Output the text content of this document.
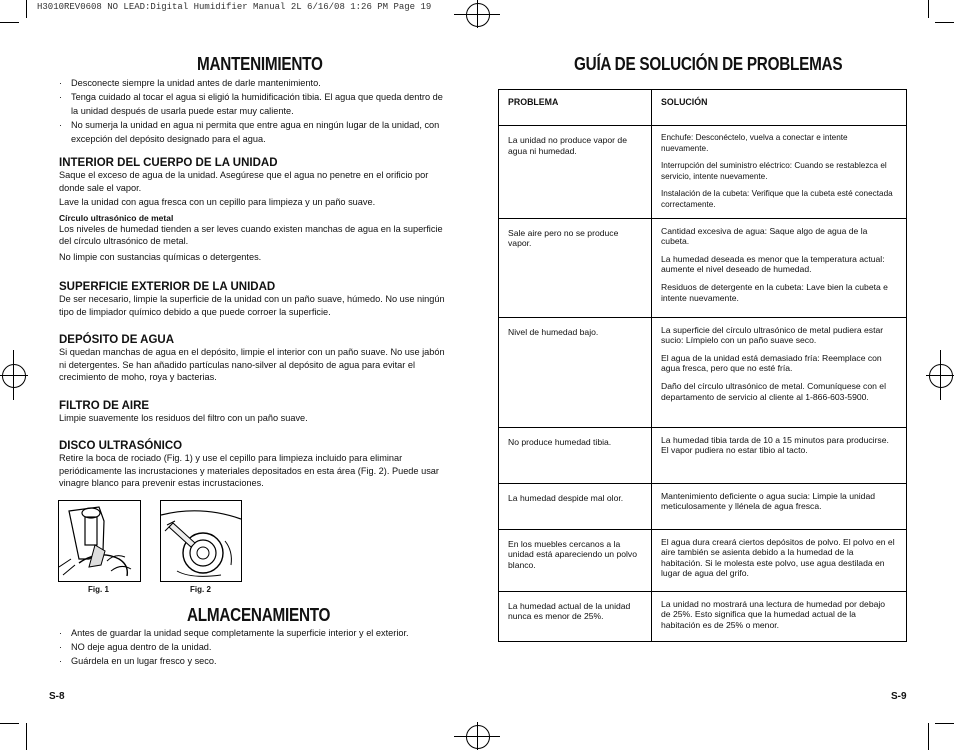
H3010REV0608 NO LEAD:Digital Humidifier Manual 2L 6/16/08 1:26 PM Page 19
MANTENIMIENTO
· Desconecte siempre la unidad antes de darle mantenimiento.
· Tenga cuidado al tocar el agua si eligió la humidificación tibia. El agua que queda dentro de la unidad después de usarla puede estar muy caliente.
· No sumerja la unidad en agua ni permita que entre agua en ningún lugar de la unidad, con excepción del depósito designado para el agua.
INTERIOR DEL CUERPO DE LA UNIDAD

Saque el exceso de agua de la unidad. Asegúrese que el agua no penetre en el orificio por donde sale el vapor.

Lave la unidad con agua fresca con un cepillo para limpieza y un paño suave.

Círculo ultrasónico de metal

Los niveles de humedad tienden a ser leves cuando existen manchas de agua en la superficie del círculo ultrasónico de metal.

No limpie con sustancias químicas o detergentes.

SUPERFICIE EXTERIOR DE LA UNIDAD

De ser necesario, limpie la superficie de la unidad con un paño suave, húmedo. No use ningún tipo de limpiador químico debido a que puede corroer la superficie.

DEPÓSITO DE AGUA

Si quedan manchas de agua en el depósito, limpie el interior con un paño suave. No use jabón ni detergentes. Se han añadido partículas nano-silver al depósito de agua para evitar el crecimiento de moho, roya y bacterias.

FILTRO DE AIRE

Limpie suavemente los residuos del filtro con un paño suave.

DISCO ULTRASÓNICO

Retire la boca de rociado (Fig. 1) y use el cepillo para limpieza incluido para eliminar periódicamente las incrustaciones y materiales depositados en esta área (Fig. 2). Puede usar vinagre blanco para prevenir estas incrustaciones.

Fig. 1	Fig. 2
ALMACENAMIENTO
· Antes de guardar la unidad seque completamente la superficie interior y el exterior.
· NO deje agua dentro de la unidad.
· Guárdela en un lugar fresco y seco.
S-8
GUÍA DE SOLUCIÓN DE PROBLEMAS
PROBLEMA	SOLUCIÓN
La unidad no produce vapor de agua ni humedad.	Enchufe: Desconéctelo, vuelva a conectar e intente nuevamente.

Interrupción del suministro eléctrico: Cuando se restablezca el servicio, intente nuevamente.

Instalación de la cubeta: Verifique que la cubeta esté conectada correctamente.

Sale aire pero no se produce vapor.	Cantidad excesiva de agua: Saque algo de agua de la cubeta.

La humedad deseada es menor que la temperatura actual: aumente el nivel deseado de humedad.

Residuos de detergente en la cubeta: Lave bien la cubeta e intente nuevamente.

Nivel de humedad bajo.	La superficie del círculo ultrasónico de metal pudiera estar sucio: Límpielo con un paño suave seco.

El agua de la unidad está demasiado fría: Reemplace con agua fresca, pero que no esté fría.

Daño del círculo ultrasónico de metal. Comuníquese con el departamento de servicio al cliente al 1-866-603-5900.

No produce humedad tibia.	La humedad tibia tarda de 10 a 15 minutos para producirse. El vapor pudiera no estar tibio al tacto.

La humedad despide mal olor.	Mantenimiento deficiente o agua sucia: Limpie la unidad meticulosamente y llénela de agua fresca.

En los muebles cercanos a la unidad está apareciendo un polvo blanco.	El agua dura creará ciertos depósitos de polvo. El polvo en el aire también se asienta debido a la humedad de la habitación. Si le molesta este polvo, use agua destilada en lugar de agua del grifo.

La humedad actual de la unidad nunca es menor de 25%.	La unidad no mostrará una lectura de humedad por debajo de 25%. Esto significa que la humedad actual de la habitación es de 25% o menor.

S-9
